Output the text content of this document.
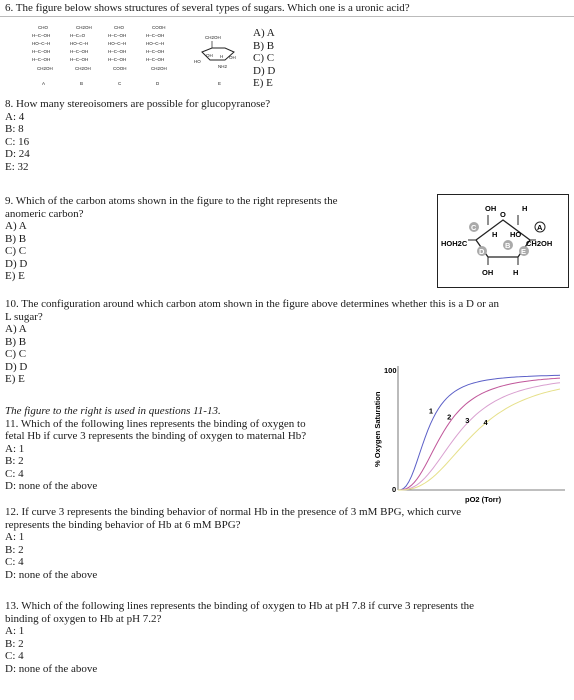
6. The figure below shows structures of several types of sugars. Which one is a uronic acid?
CHO
H–C–OH
HO–C–H
H–C–OH
H–C–OH
CH2OH
CH2OH
H–C=O
HO–C–H
H–C–OH
H–C–OH
CH2OH
CHO
H–C–OH
HO–C–H
H–C–OH
H–C–OH
COOH
COOH
H–C–OH
HO–C–H
H–C–OH
H–C–OH
CH2OH
CH2OH
HO
OH	OH
H
NH2
A	B	C	D	E
A) A
B) B
C) C
D) D
E) E
8. How many stereoisomers are possible for glucopyranose?
A: 4
B: 8
C: 16
D: 24
E: 32
9. Which of the carbon atoms shown in the figure to the right represents the
anomeric carbon?
A) A
B) B
C) C
D) D
E) E
OH
O
H
H HO
HOH2C	CH2OH
OH	H
C	A
B
D	E
10. The configuration around which carbon atom shown in the figure above determines whether this is a D or an
L sugar?
A) A
B) B
C) C
D) D
E) E
The figure to the right is used in questions 11-13.
11. Which of the following lines represents the binding of oxygen to
fetal Hb if curve 3 represents the binding of oxygen to maternal Hb?
A: 1
B: 2
C: 4
D: none of the above
100
0
% Oxygen Saturation
pO2 (Torr)
1
2 3 4
12. If curve 3 represents the binding behavior of normal Hb in the presence of 3 mM BPG, which curve
represents the binding behavior of Hb at 6 mM BPG?
A: 1
B: 2
C: 4
D: none of the above
13. Which of the following lines represents the binding of oxygen to Hb at pH 7.8 if curve 3 represents the
binding of oxygen to Hb at pH 7.2?
A: 1
B: 2
C: 4
D: none of the above
